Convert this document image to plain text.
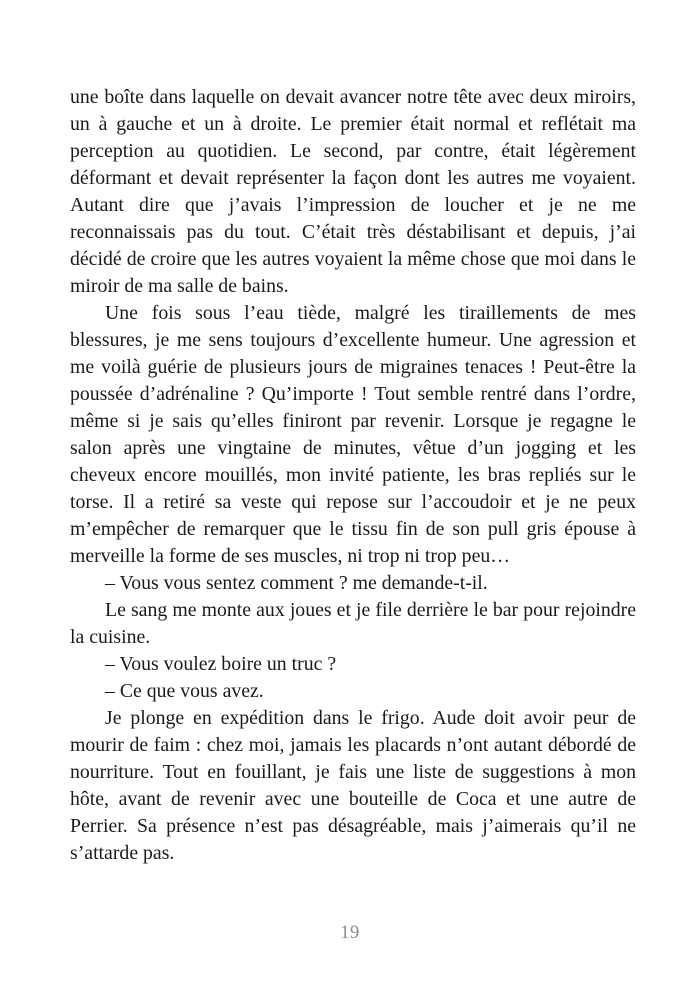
une boîte dans laquelle on devait avancer notre tête avec deux miroirs, un à gauche et un à droite. Le premier était normal et reflétait ma perception au quotidien. Le second, par contre, était légèrement déformant et devait représenter la façon dont les autres me voyaient. Autant dire que j’avais l’impression de loucher et je ne me reconnaissais pas du tout. C’était très déstabilisant et depuis, j’ai décidé de croire que les autres voyaient la même chose que moi dans le miroir de ma salle de bains.

Une fois sous l’eau tiède, malgré les tiraillements de mes blessures, je me sens toujours d’excellente humeur. Une agression et me voilà guérie de plusieurs jours de migraines tenaces ! Peut-être la poussée d’adrénaline ? Qu’importe ! Tout semble rentré dans l’ordre, même si je sais qu’elles finiront par revenir. Lorsque je regagne le salon après une vingtaine de minutes, vêtue d’un jogging et les cheveux encore mouillés, mon invité patiente, les bras repliés sur le torse. Il a retiré sa veste qui repose sur l’accoudoir et je ne peux m’empêcher de remarquer que le tissu fin de son pull gris épouse à merveille la forme de ses muscles, ni trop ni trop peu…

– Vous vous sentez comment ? me demande-t-il.

Le sang me monte aux joues et je file derrière le bar pour rejoindre la cuisine.

– Vous voulez boire un truc ?

– Ce que vous avez.

Je plonge en expédition dans le frigo. Aude doit avoir peur de mourir de faim : chez moi, jamais les placards n’ont autant débordé de nourriture. Tout en fouillant, je fais une liste de suggestions à mon hôte, avant de revenir avec une bouteille de Coca et une autre de Perrier. Sa présence n’est pas désagréable, mais j’aimerais qu’il ne s’attarde pas.

19
